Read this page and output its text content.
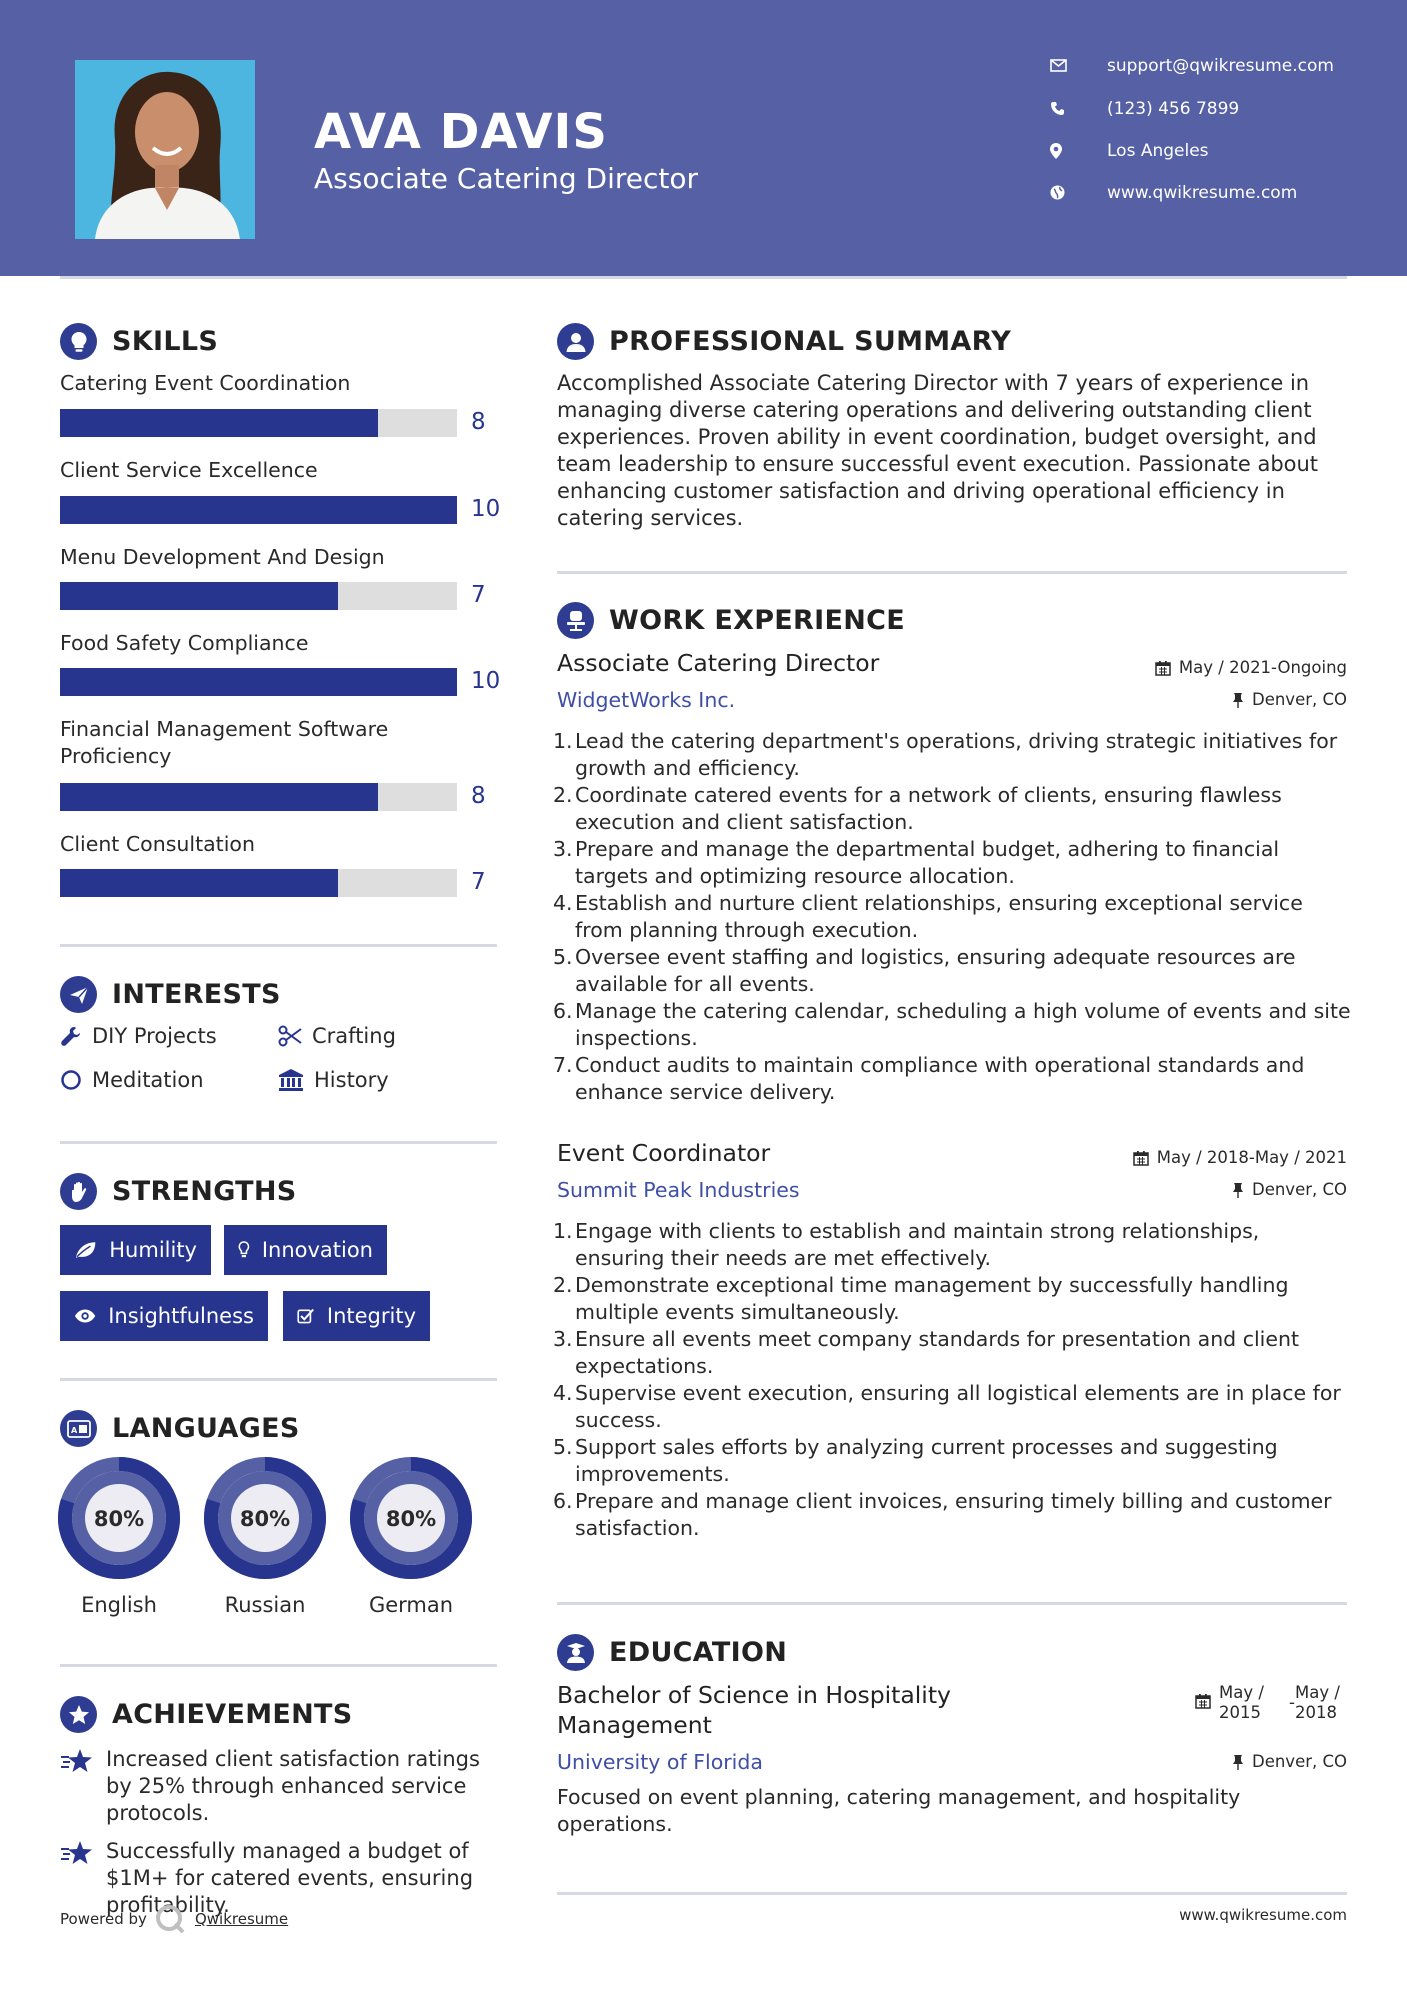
AVA DAVIS
Associate Catering Director
support@qwikresume.com
(123) 456 7899
Los Angeles
www.qwikresume.com
SKILLS
Catering Event Coordination
8
Client Service Excellence
10
Menu Development And Design
7
Food Safety Compliance
10
Financial Management Software Proficiency
8
Client Consultation
7
INTERESTS
DIY Projects	Crafting
Meditation	History
STRENGTHS
Humility	Innovation
Insightfulness	Integrity
A LANGUAGES
80%
English
80%
Russian
80%
German
ACHIEVEMENTS
Increased client satisfaction ratings by 25% through enhanced service protocols.
Successfully managed a budget of $1M+ for catered events, ensuring profitability.
PROFESSIONAL SUMMARY
Accomplished Associate Catering Director with 7 years of experience in managing diverse catering operations and delivering outstanding client experiences. Proven ability in event coordination, budget oversight, and team leadership to ensure successful event execution. Passionate about enhancing customer satisfaction and driving operational efficiency in catering services.
WORK EXPERIENCE
Associate Catering Director	May / 2021-Ongoing
WidgetWorks Inc.	Denver, CO
1. Lead the catering department's operations, driving strategic initiatives for growth and efficiency.
2. Coordinate catered events for a network of clients, ensuring flawless execution and client satisfaction.
3. Prepare and manage the departmental budget, adhering to financial targets and optimizing resource allocation.
4. Establish and nurture client relationships, ensuring exceptional service from planning through execution.
5. Oversee event staffing and logistics, ensuring adequate resources are available for all events.
6. Manage the catering calendar, scheduling a high volume of events and site inspections.
7. Conduct audits to maintain compliance with operational standards and enhance service delivery.
Event Coordinator	May / 2018-May / 2021
Summit Peak Industries	Denver, CO
1. Engage with clients to establish and maintain strong relationships, ensuring their needs are met effectively.
2. Demonstrate exceptional time management by successfully handling multiple events simultaneously.
3. Ensure all events meet company standards for presentation and client expectations.
4. Supervise event execution, ensuring all logistical elements are in place for success.
5. Support sales efforts by analyzing current processes and suggesting improvements.
6. Prepare and manage client invoices, ensuring timely billing and customer satisfaction.
EDUCATION
Bachelor of Science in Hospitality Management
May / 2015
-
May / 2018
University of Florida	Denver, CO
Focused on event planning, catering management, and hospitality operations.
Powered by	Qwikresume	www.qwikresume.com
